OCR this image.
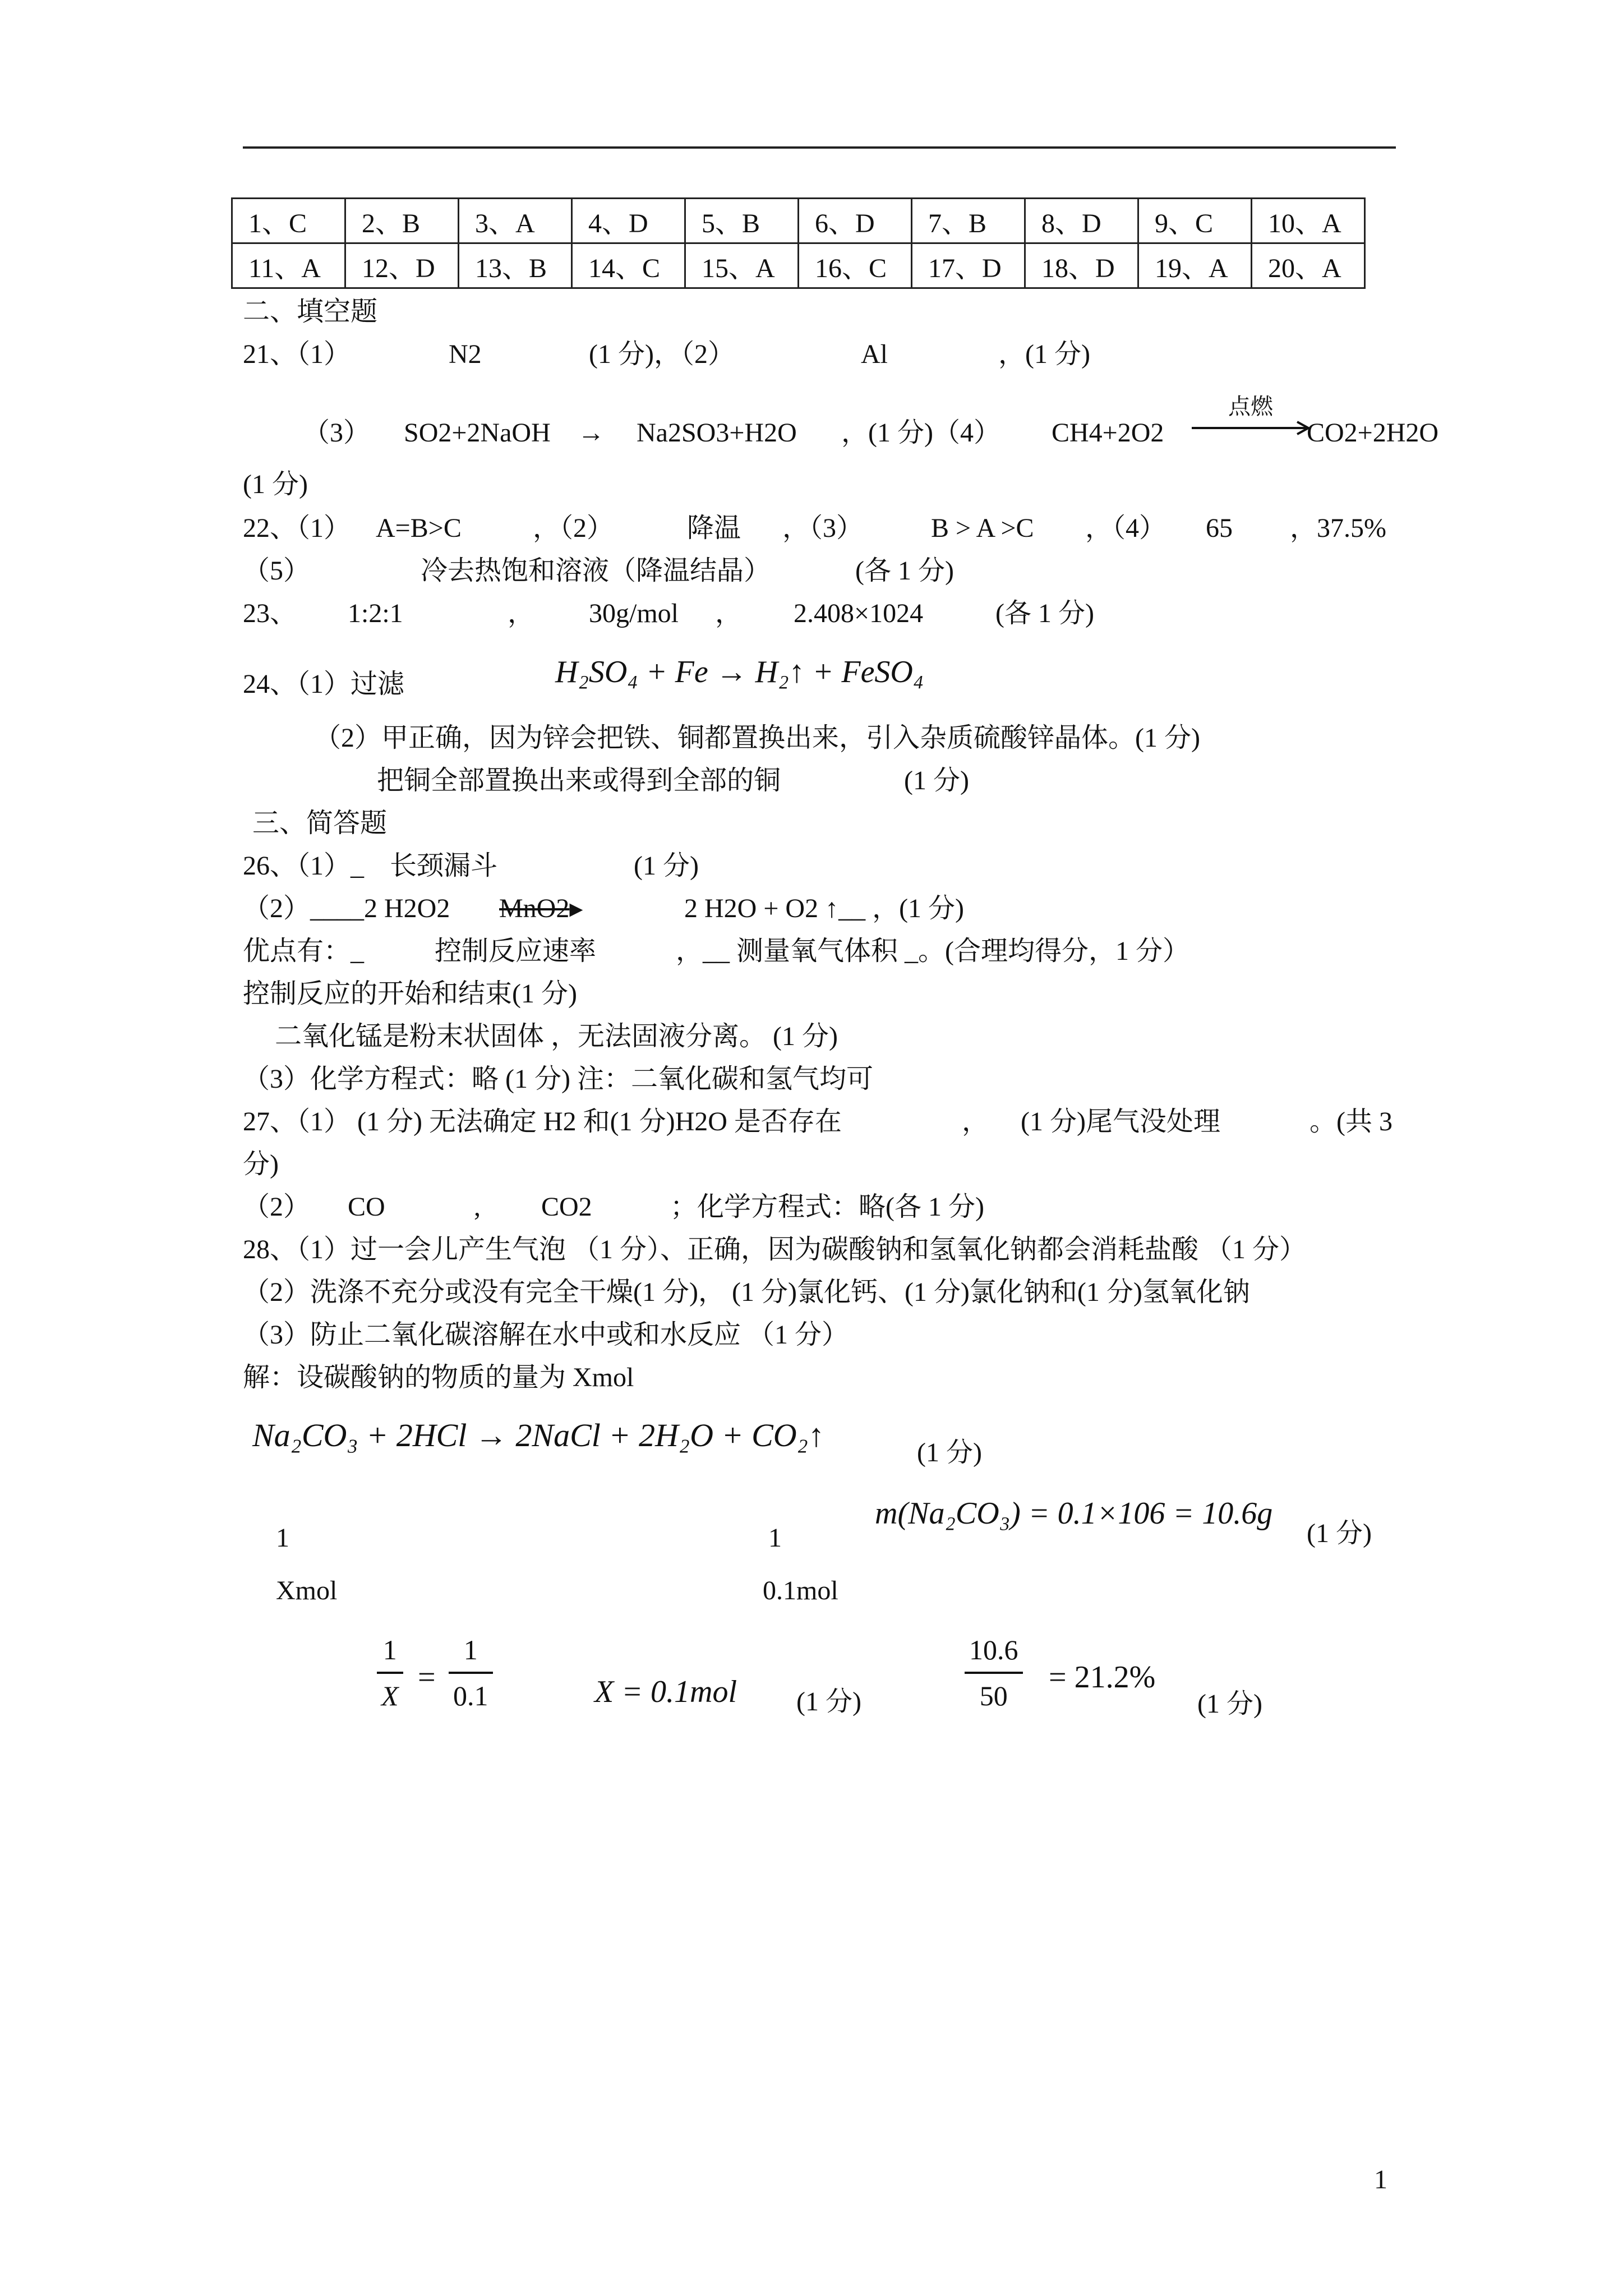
1、C	2、B	3、A	4、D	5、B	6、D	7、B	8、D	9、C	10、A
11、A	12、D	13、B	14、C	15、A	16、C	17、D	18、D	19、A	20、A
二、填空题
21、（1）	N2	(1 分)，（2）	Al	，(1 分)
（3） SO2+2NaOH → Na2SO3+H2O ，(1 分)（4） CH4+2O2
点燃
CO2+2H2O
(1 分)
22、（1） A=B>C	，（2）	降温 ，（3）	B > A >C ，（4） 65 ，37.5%
（5）	冷去热饱和溶液（降温结晶）	(各 1 分)
23、 1:2:1	， 30g/mol ， 2.408×1024	(各 1 分)
24、（1）过滤	H₂SO₄ + Fe → H₂↑ + FeSO₄
（2）甲正确，因为锌会把铁、铜都置换出来，引入杂质硫酸锌晶体。(1 分)
把铜全部置换出来或得到全部的铜	(1 分)
三、简答题
26、（1）_ 长颈漏斗	(1 分)
（2）____2 H2O2 MnO2▸	2 H2O + O2 ↑__ ，(1 分)
优点有：_	控制反应速率	，__ 测量氧气体积 _。(合理均得分，1 分）
控制反应的开始和结束(1 分)
二氧化锰是粉末状固体 ，无法固液分离。 (1 分)
（3）化学方程式：略 (1 分) 注：二氧化碳和氢气均可
27、（1） (1 分) 无法确定 H2 和(1 分)H2O 是否存在	， (1 分)尾气没处理	。(共 3
分)
（2） CO	, CO2	；化学方程式：略(各 1 分)
28、（1）过一会儿产生气泡 （1 分）、正确，因为碳酸钠和氢氧化钠都会消耗盐酸 （1 分）
（2）洗涤不充分或没有完全干燥(1 分)， (1 分)氯化钙、(1 分)氯化钠和(1 分)氢氧化钠
（3）防止二氧化碳溶解在水中或和水反应 （1 分）
解：设碳酸钠的物质的量为 Xmol
Na₂CO₃ + 2HCl → 2NaCl + 2H₂O + CO₂↑	(1 分)
1	1
m(Na₂CO₃) = 0.1×106 = 10.6g
(1 分)
Xmol	0.1mol
1
X
=
1
0.1	X = 0.1mol (1 分)
10.6
50
= 21.2%
(1 分)
1
